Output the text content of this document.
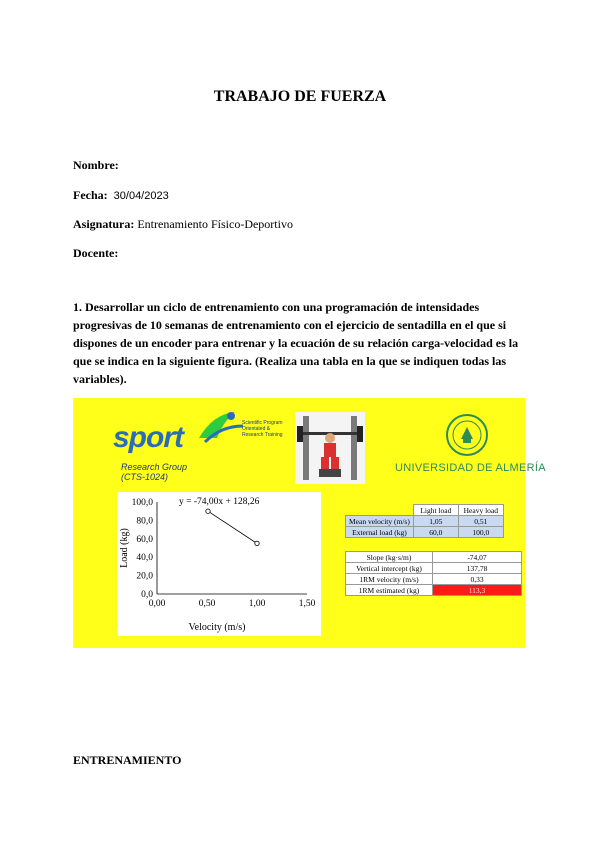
TRABAJO DE FUERZA
Nombre:
Fecha: 30/04/2023
Asignatura: Entrenamiento Físico-Deportivo
Docente:
1. Desarrollar un ciclo de entrenamiento con una programación de intensidades progresivas de 10 semanas de entrenamiento con el ejercicio de sentadilla en el que si dispones de un encoder para entrenar y la ecuación de su relación carga-velocidad es la que se indica en la siguiente figura. (Realiza una tabla en la que se indiquen todas las variables).
sport	Scientific Program Orientated & Research Training
Research Group
(CTS-1024)
UNIVERSIDAD DE ALMERÍA
0,0
20,0
40,0
60,0
80,0
100,0
0,00	0,50	1,00	1,50
y = -74,00x + 128,26
Velocity (m/s)
Load (kg)
	Light load	Heavy load
Mean velocity (m/s)	1,05	0,51
External load (kg)	60,0	100,0
Slope (kg·s/m)	-74,07
Vertical intercept (kg)	137,78
1RM velocity (m/s)	0,33
1RM estimated (kg)	113,3
ENTRENAMIENTO
